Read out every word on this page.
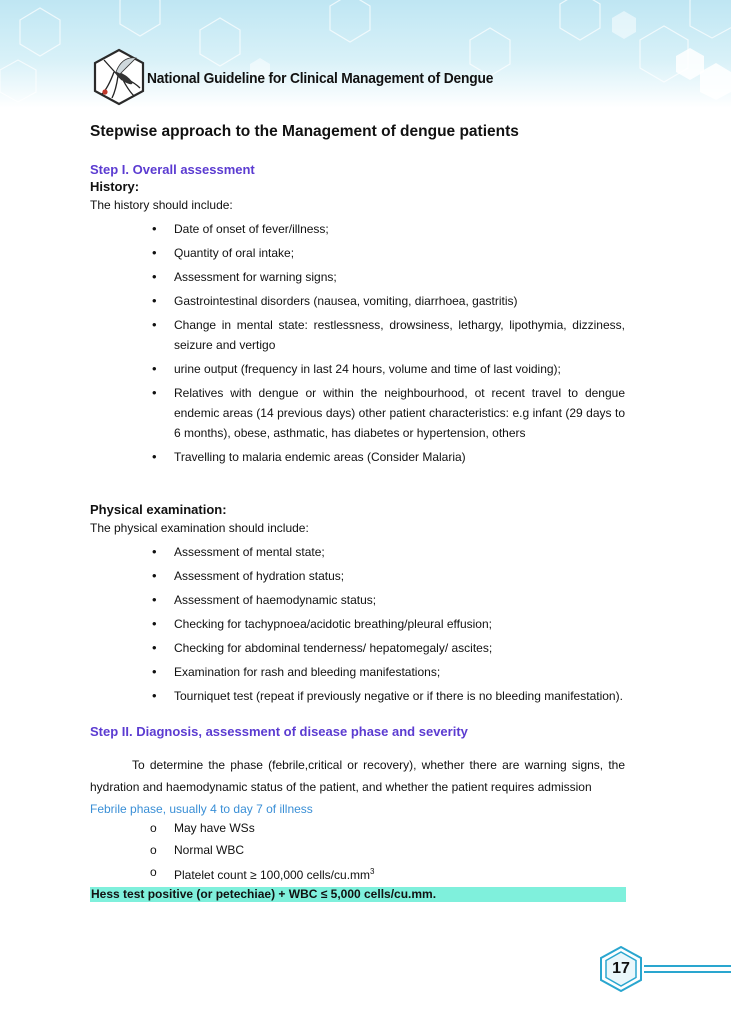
National Guideline for Clinical Management of Dengue
Stepwise approach to the Management of dengue patients
Step I. Overall assessment
History:

The history should include:

• Date of onset of fever/illness;
• Quantity of oral intake;
• Assessment for warning signs;
• Gastrointestinal disorders (nausea, vomiting, diarrhoea, gastritis)
• Change in mental state: restlessness, drowsiness, lethargy, lipothymia, dizziness, seizure and vertigo
• urine output (frequency in last 24 hours, volume and time of last voiding);
• Relatives with dengue or within the neighbourhood, ot recent travel to dengue endemic areas (14 previous days) other patient characteristics: e.g infant (29 days to 6 months), obese, asthmatic, has diabetes or hypertension, others
• Travelling to malaria endemic areas (Consider Malaria)
Physical examination:

The physical examination should include:

• Assessment of mental state;
• Assessment of hydration status;
• Assessment of haemodynamic status;
• Checking for tachypnoea/acidotic breathing/pleural effusion;
• Checking for abdominal tenderness/ hepatomegaly/ ascites;
• Examination for rash and bleeding manifestations;
• Tourniquet test (repeat if previously negative or if there is no bleeding manifestation).
Step II. Diagnosis, assessment of disease phase and severity

To determine the phase (febrile,critical or recovery), whether there are warning signs, the hydration and haemodynamic status of the patient, and whether the patient requires admission

Febrile phase, usually 4 to day 7 of illness
o May have WSs
o Normal WBC
o Platelet count ≥ 100,000 cells/$cu.mm^3$
Hess test positive (or petechiae) + WBC ≤ 5,000 cells/cu.mm.
17
